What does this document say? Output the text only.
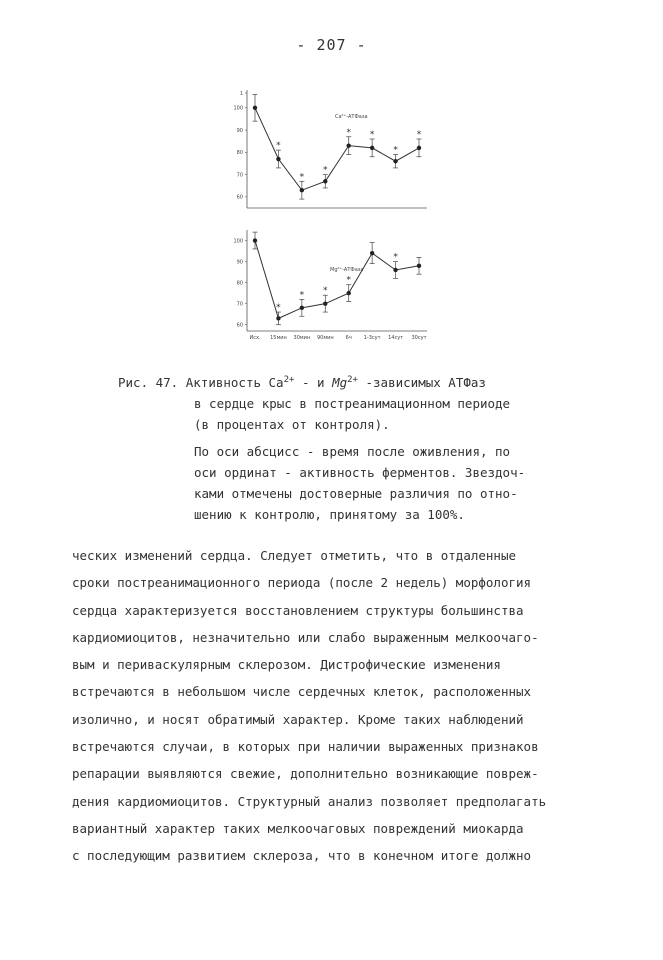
- 207 -
60
70
80
90
100
1
*
*
*
* *
*
*
Ca²⁺-АТФаза
60
70
80
90
100
*
* *
*
*
Mg²⁺-АТФаза
Исх. 15мин 30мин 90мин 6ч 1-3сут 14сут 30сут
Рис. 47. Активность $Ca^{2+}$ - и $Mg^{2+}$ -зависимых АТФаз
в сердце крыс в постреанимационном периоде
(в процентах от контроля).
По оси абсцисс - время после оживления, по
оси ординат - активность ферментов. Звездоч-
ками отмечены достоверные различия по отно-
шению к контролю, принятому за 100%.
ческих изменений сердца. Следует отметить, что в отдаленные
сроки постреанимационного периода (после 2 недель) морфология
сердца характеризуется восстановлением структуры большинства
кардиомиоцитов, незначительно или слабо выраженным мелкоочаго-
вым и периваскулярным склерозом. Дистрофические изменения
встречаются в небольшом числе сердечных клеток, расположенных
изолично, и носят обратимый характер. Кроме таких наблюдений
встречаются случаи, в которых при наличии выраженных признаков
репарации выявляются свежие, дополнительно возникающие повреж-
дения кардиомиоцитов. Структурный анализ позволяет предполагать
вариантный характер таких мелкоочаговых повреждений миокарда
с последующим развитием склероза, что в конечном итоге должно
